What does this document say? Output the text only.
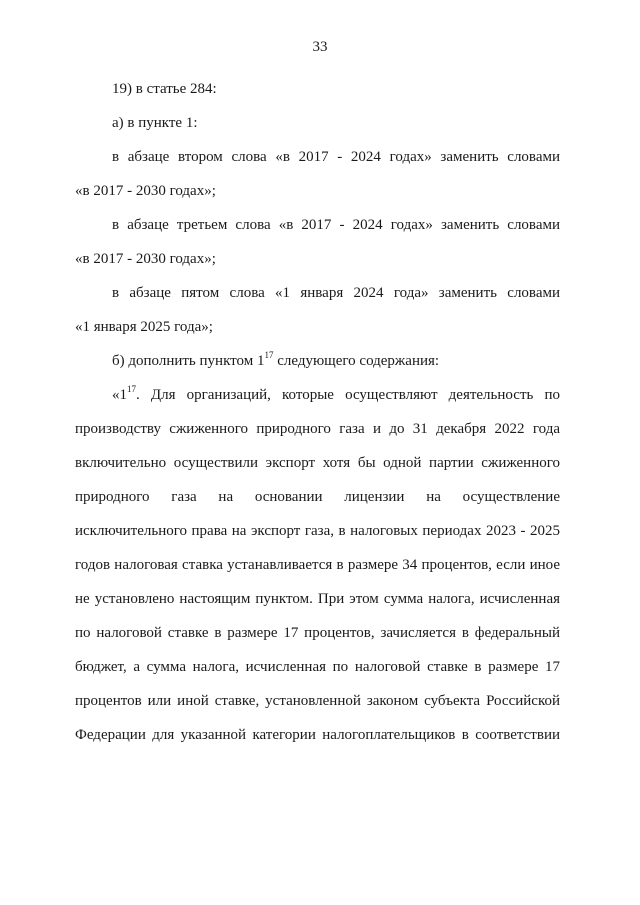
33
19) в статье 284:
а) в пункте 1:
в абзаце втором слова «в 2017 - 2024 годах» заменить словами
«в 2017 - 2030 годах»;
в абзаце третьем слова «в 2017 - 2024 годах» заменить словами
«в 2017 - 2030 годах»;
в абзаце пятом слова «1 января 2024 года» заменить словами
«1 января 2025 года»;
б) дополнить пунктом $1^{17}$ следующего содержания:
«$1^{17}$. Для организаций, которые осуществляют деятельность по
производству сжиженного природного газа и до 31 декабря 2022 года
включительно осуществили экспорт хотя бы одной партии сжиженного
природного газа на основании лицензии на осуществление
исключительного права на экспорт газа, в налоговых периодах 2023 - 2025
годов налоговая ставка устанавливается в размере 34 процентов, если иное
не установлено настоящим пунктом. При этом сумма налога, исчисленная
по налоговой ставке в размере 17 процентов, зачисляется в федеральный
бюджет, а сумма налога, исчисленная по налоговой ставке в размере 17
процентов или иной ставке, установленной законом субъекта Российской
Федерации для указанной категории налогоплательщиков в соответствии
